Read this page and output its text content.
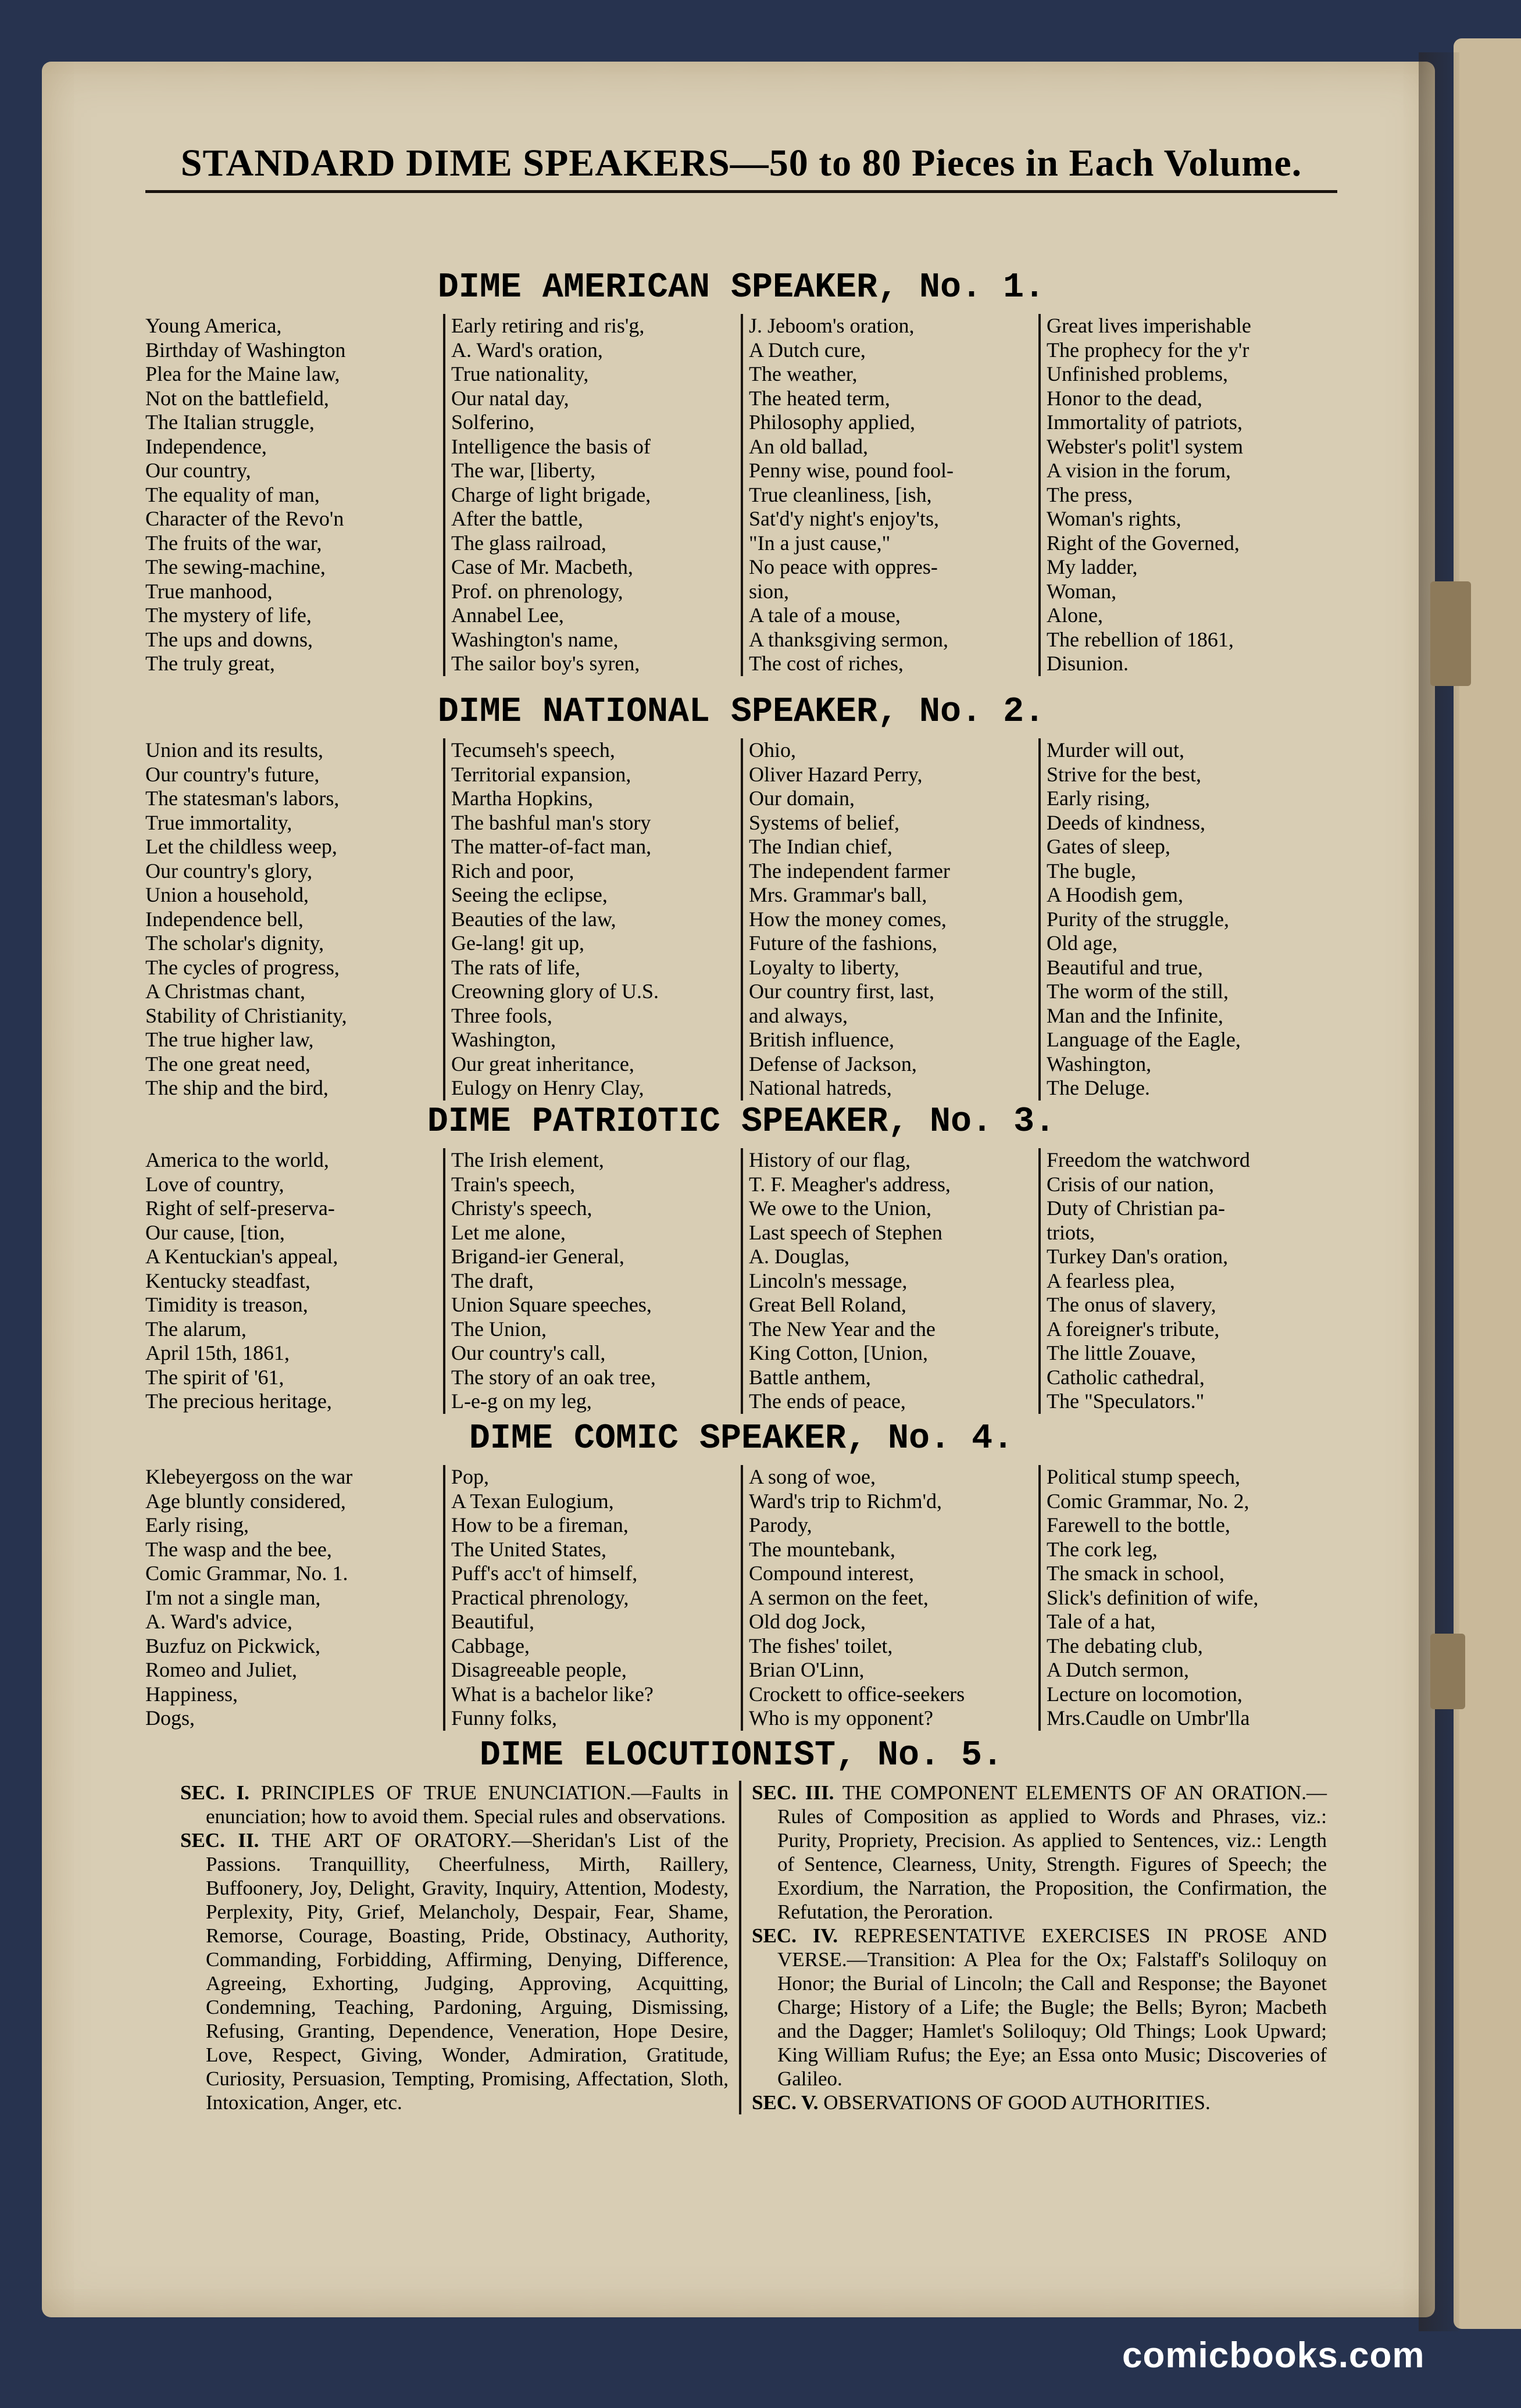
STANDARD DIME SPEAKERS—50 to 80 Pieces in Each Volume.
DIME AMERICAN SPEAKER, No. 1.
Young America,
Birthday of Washington
Plea for the Maine law,
Not on the battlefield,
The Italian struggle,
Independence,
Our country,
The equality of man,
Character of the Revo'n
The fruits of the war,
The sewing-machine,
True manhood,
The mystery of life,
The ups and downs,
The truly great,
Early retiring and ris'g,
A. Ward's oration,
True nationality,
Our natal day,
Solferino,
Intelligence the basis of
The war, [liberty,
Charge of light brigade,
After the battle,
The glass railroad,
Case of Mr. Macbeth,
Prof. on phrenology,
Annabel Lee,
Washington's name,
The sailor boy's syren,
J. Jeboom's oration,
A Dutch cure,
The weather,
The heated term,
Philosophy applied,
An old ballad,
Penny wise, pound fool-
True cleanliness, [ish,
Sat'd'y night's enjoy'ts,
"In a just cause,"
No peace with oppres-
sion,
A tale of a mouse,
A thanksgiving sermon,
The cost of riches,
Great lives imperishable
The prophecy for the y'r
Unfinished problems,
Honor to the dead,
Immortality of patriots,
Webster's polit'l system
A vision in the forum,
The press,
Woman's rights,
Right of the Governed,
My ladder,
Woman,
Alone,
The rebellion of 1861,
Disunion.
DIME NATIONAL SPEAKER, No. 2.
Union and its results,
Our country's future,
The statesman's labors,
True immortality,
Let the childless weep,
Our country's glory,
Union a household,
Independence bell,
The scholar's dignity,
The cycles of progress,
A Christmas chant,
Stability of Christianity,
The true higher law,
The one great need,
The ship and the bird,
Tecumseh's speech,
Territorial expansion,
Martha Hopkins,
The bashful man's story
The matter-of-fact man,
Rich and poor,
Seeing the eclipse,
Beauties of the law,
Ge-lang! git up,
The rats of life,
Creowning glory of U.S.
Three fools,
Washington,
Our great inheritance,
Eulogy on Henry Clay,
Ohio,
Oliver Hazard Perry,
Our domain,
Systems of belief,
The Indian chief,
The independent farmer
Mrs. Grammar's ball,
How the money comes,
Future of the fashions,
Loyalty to liberty,
Our country first, last,
and always,
British influence,
Defense of Jackson,
National hatreds,
Murder will out,
Strive for the best,
Early rising,
Deeds of kindness,
Gates of sleep,
The bugle,
A Hoodish gem,
Purity of the struggle,
Old age,
Beautiful and true,
The worm of the still,
Man and the Infinite,
Language of the Eagle,
Washington,
The Deluge.
DIME PATRIOTIC SPEAKER, No. 3.
America to the world,
Love of country,
Right of self-preserva-
Our cause, [tion,
A Kentuckian's appeal,
Kentucky steadfast,
Timidity is treason,
The alarum,
April 15th, 1861,
The spirit of '61,
The precious heritage,
The Irish element,
Train's speech,
Christy's speech,
Let me alone,
Brigand-ier General,
The draft,
Union Square speeches,
The Union,
Our country's call,
The story of an oak tree,
L-e-g on my leg,
History of our flag,
T. F. Meagher's address,
We owe to the Union,
Last speech of Stephen
A. Douglas,
Lincoln's message,
Great Bell Roland,
The New Year and the
King Cotton, [Union,
Battle anthem,
The ends of peace,
Freedom the watchword
Crisis of our nation,
Duty of Christian pa-
triots,
Turkey Dan's oration,
A fearless plea,
The onus of slavery,
A foreigner's tribute,
The little Zouave,
Catholic cathedral,
The "Speculators."
DIME COMIC SPEAKER, No. 4.
Klebeyergoss on the war
Age bluntly considered,
Early rising,
The wasp and the bee,
Comic Grammar, No. 1.
I'm not a single man,
A. Ward's advice,
Buzfuz on Pickwick,
Romeo and Juliet,
Happiness,
Dogs,
Pop,
A Texan Eulogium,
How to be a fireman,
The United States,
Puff's acc't of himself,
Practical phrenology,
Beautiful,
Cabbage,
Disagreeable people,
What is a bachelor like?
Funny folks,
A song of woe,
Ward's trip to Richm'd,
Parody,
The mountebank,
Compound interest,
A sermon on the feet,
Old dog Jock,
The fishes' toilet,
Brian O'Linn,
Crockett to office-seekers
Who is my opponent?
Political stump speech,
Comic Grammar, No. 2,
Farewell to the bottle,
The cork leg,
The smack in school,
Slick's definition of wife,
Tale of a hat,
The debating club,
A Dutch sermon,
Lecture on locomotion,
Mrs.Caudle on Umbr'lla
DIME ELOCUTIONIST, No. 5.

SEC. I. PRINCIPLES OF TRUE ENUNCIATION.—Faults in enunciation; how to avoid them. Special rules and observations.

SEC. II. THE ART OF ORATORY.—Sheridan's List of the Passions. Tranquillity, Cheerfulness, Mirth, Raillery, Buffoonery, Joy, Delight, Gravity, Inquiry, Attention, Modesty, Perplexity, Pity, Grief, Melancholy, Despair, Fear, Shame, Remorse, Courage, Boasting, Pride, Obstinacy, Authority, Commanding, Forbidding, Affirming, Denying, Difference, Agreeing, Exhorting, Judging, Approving, Acquitting, Condemning, Teaching, Pardoning, Arguing, Dismissing, Refusing, Granting, Dependence, Veneration, Hope Desire, Love, Respect, Giving, Wonder, Admiration, Gratitude, Curiosity, Persuasion, Tempting, Promising, Affectation, Sloth, Intoxication, Anger, etc.

SEC. III. THE COMPONENT ELEMENTS OF AN ORATION.—Rules of Composition as applied to Words and Phrases, viz.: Purity, Propriety, Precision. As applied to Sentences, viz.: Length of Sentence, Clearness, Unity, Strength. Figures of Speech; the Exordium, the Narration, the Proposition, the Confirmation, the Refutation, the Peroration.

SEC. IV. REPRESENTATIVE EXERCISES IN PROSE AND VERSE.—Transition: A Plea for the Ox; Falstaff's Soliloquy on Honor; the Burial of Lincoln; the Call and Response; the Bayonet Charge; History of a Life; the Bugle; the Bells; Byron; Macbeth and the Dagger; Hamlet's Soliloquy; Old Things; Look Upward; King William Rufus; the Eye; an Essa onto Music; Discoveries of Galileo.

SEC. V. OBSERVATIONS OF GOOD AUTHORITIES.

comicbooks.com
